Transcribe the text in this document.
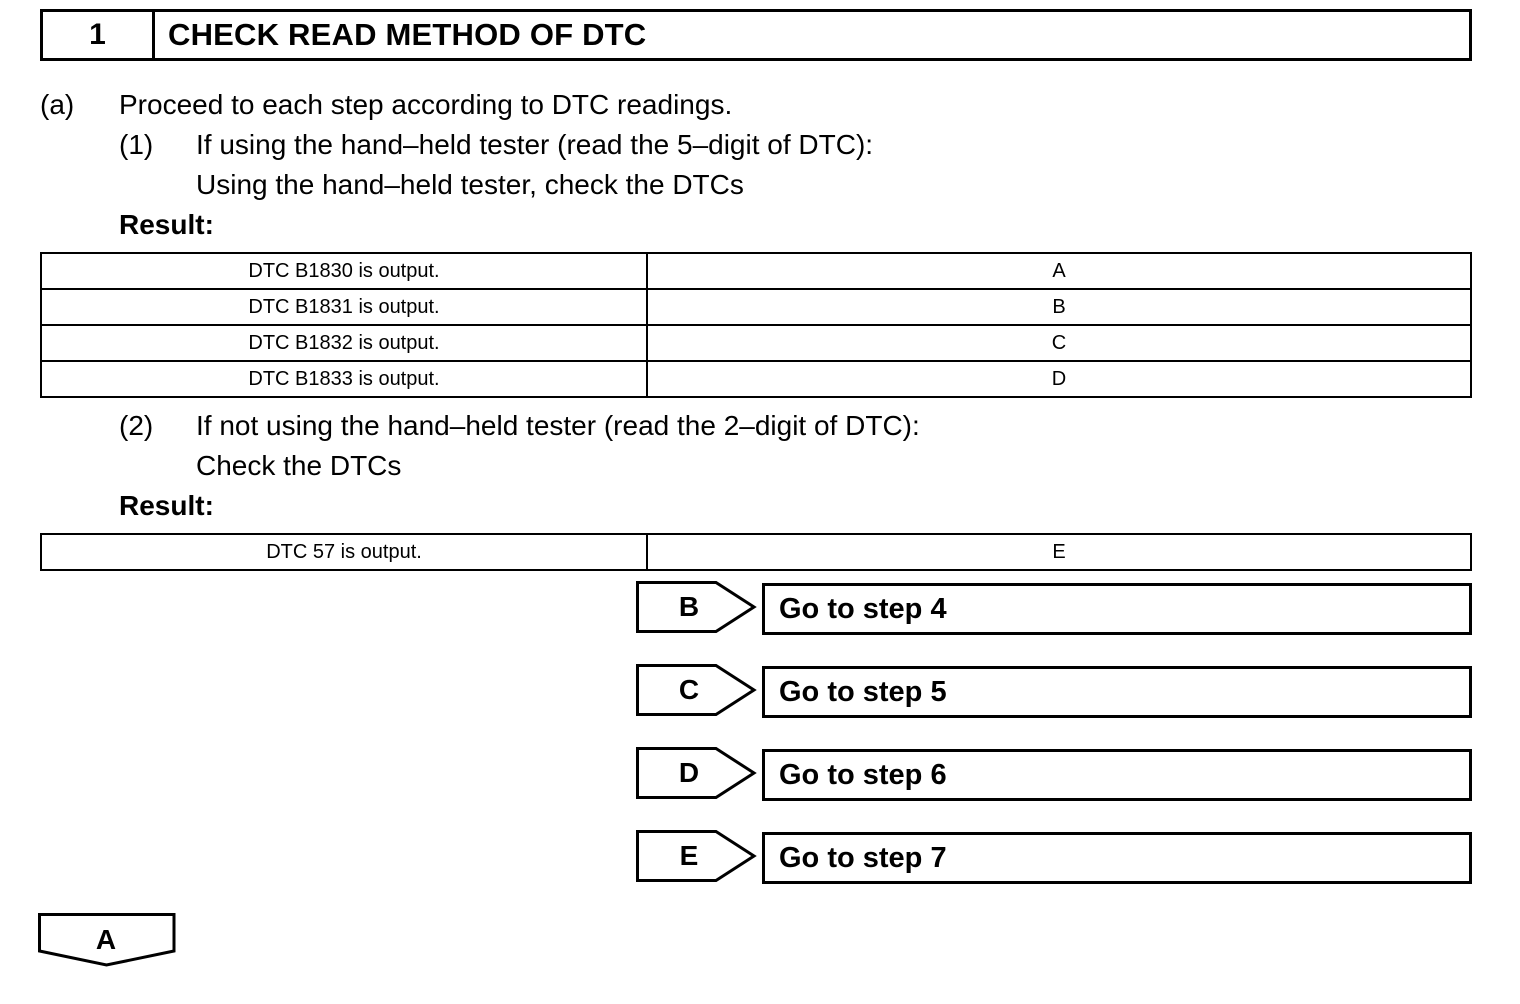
1	CHECK READ METHOD OF DTC
(a) Proceed to each step according to DTC readings.
(1) If using the hand–held tester (read the 5–digit of DTC):
Using the hand–held tester, check the DTCs
Result:
DTC B1830 is output.	A
DTC B1831 is output.	B
DTC B1832 is output.	C
DTC B1833 is output.	D
(2) If not using the hand–held tester (read the 2–digit of DTC):
Check the DTCs
Result:
DTC 57 is output.	E
B	Go to step 4
C	Go to step 5
D	Go to step 6
E	Go to step 7
A
